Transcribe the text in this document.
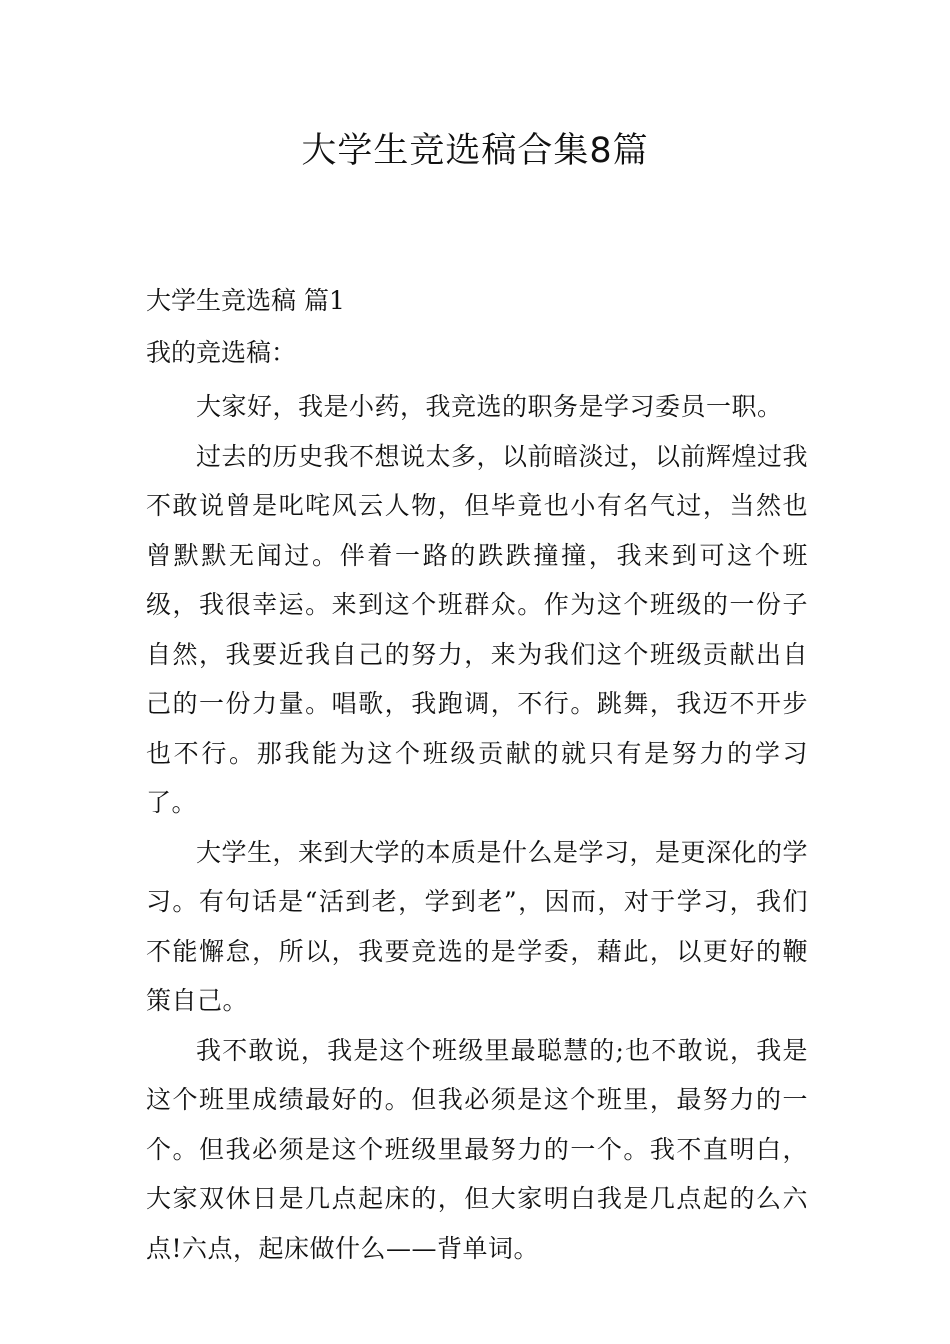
大学生竞选稿合集8篇
大学生竞选稿 篇1

我的竞选稿：

大家好，我是小药，我竞选的职务是学习委员一职。

过去的历史我不想说太多，以前暗淡过，以前辉煌过我不敢说曾是叱咤风云人物，但毕竟也小有名气过，当然也曾默默无闻过。伴着一路的跌跌撞撞，我来到可这个班级，我很幸运。来到这个班群众。作为这个班级的一份子自然，我要近我自己的努力，来为我们这个班级贡献出自己的一份力量。唱歌，我跑调，不行。跳舞，我迈不开步也不行。那我能为这个班级贡献的就只有是努力的学习了。

大学生，来到大学的本质是什么是学习，是更深化的学习。有句话是“活到老，学到老”，因而，对于学习，我们不能懈怠，所以，我要竞选的是学委，藉此，以更好的鞭策自己。

我不敢说，我是这个班级里最聪慧的;也不敢说，我是这个班里成绩最好的。但我必须是这个班里，最努力的一个。但我必须是这个班级里最努力的一个。我不直明白，大家双休日是几点起床的，但大家明白我是几点起的么六点!六点，起床做什么——背单词。
